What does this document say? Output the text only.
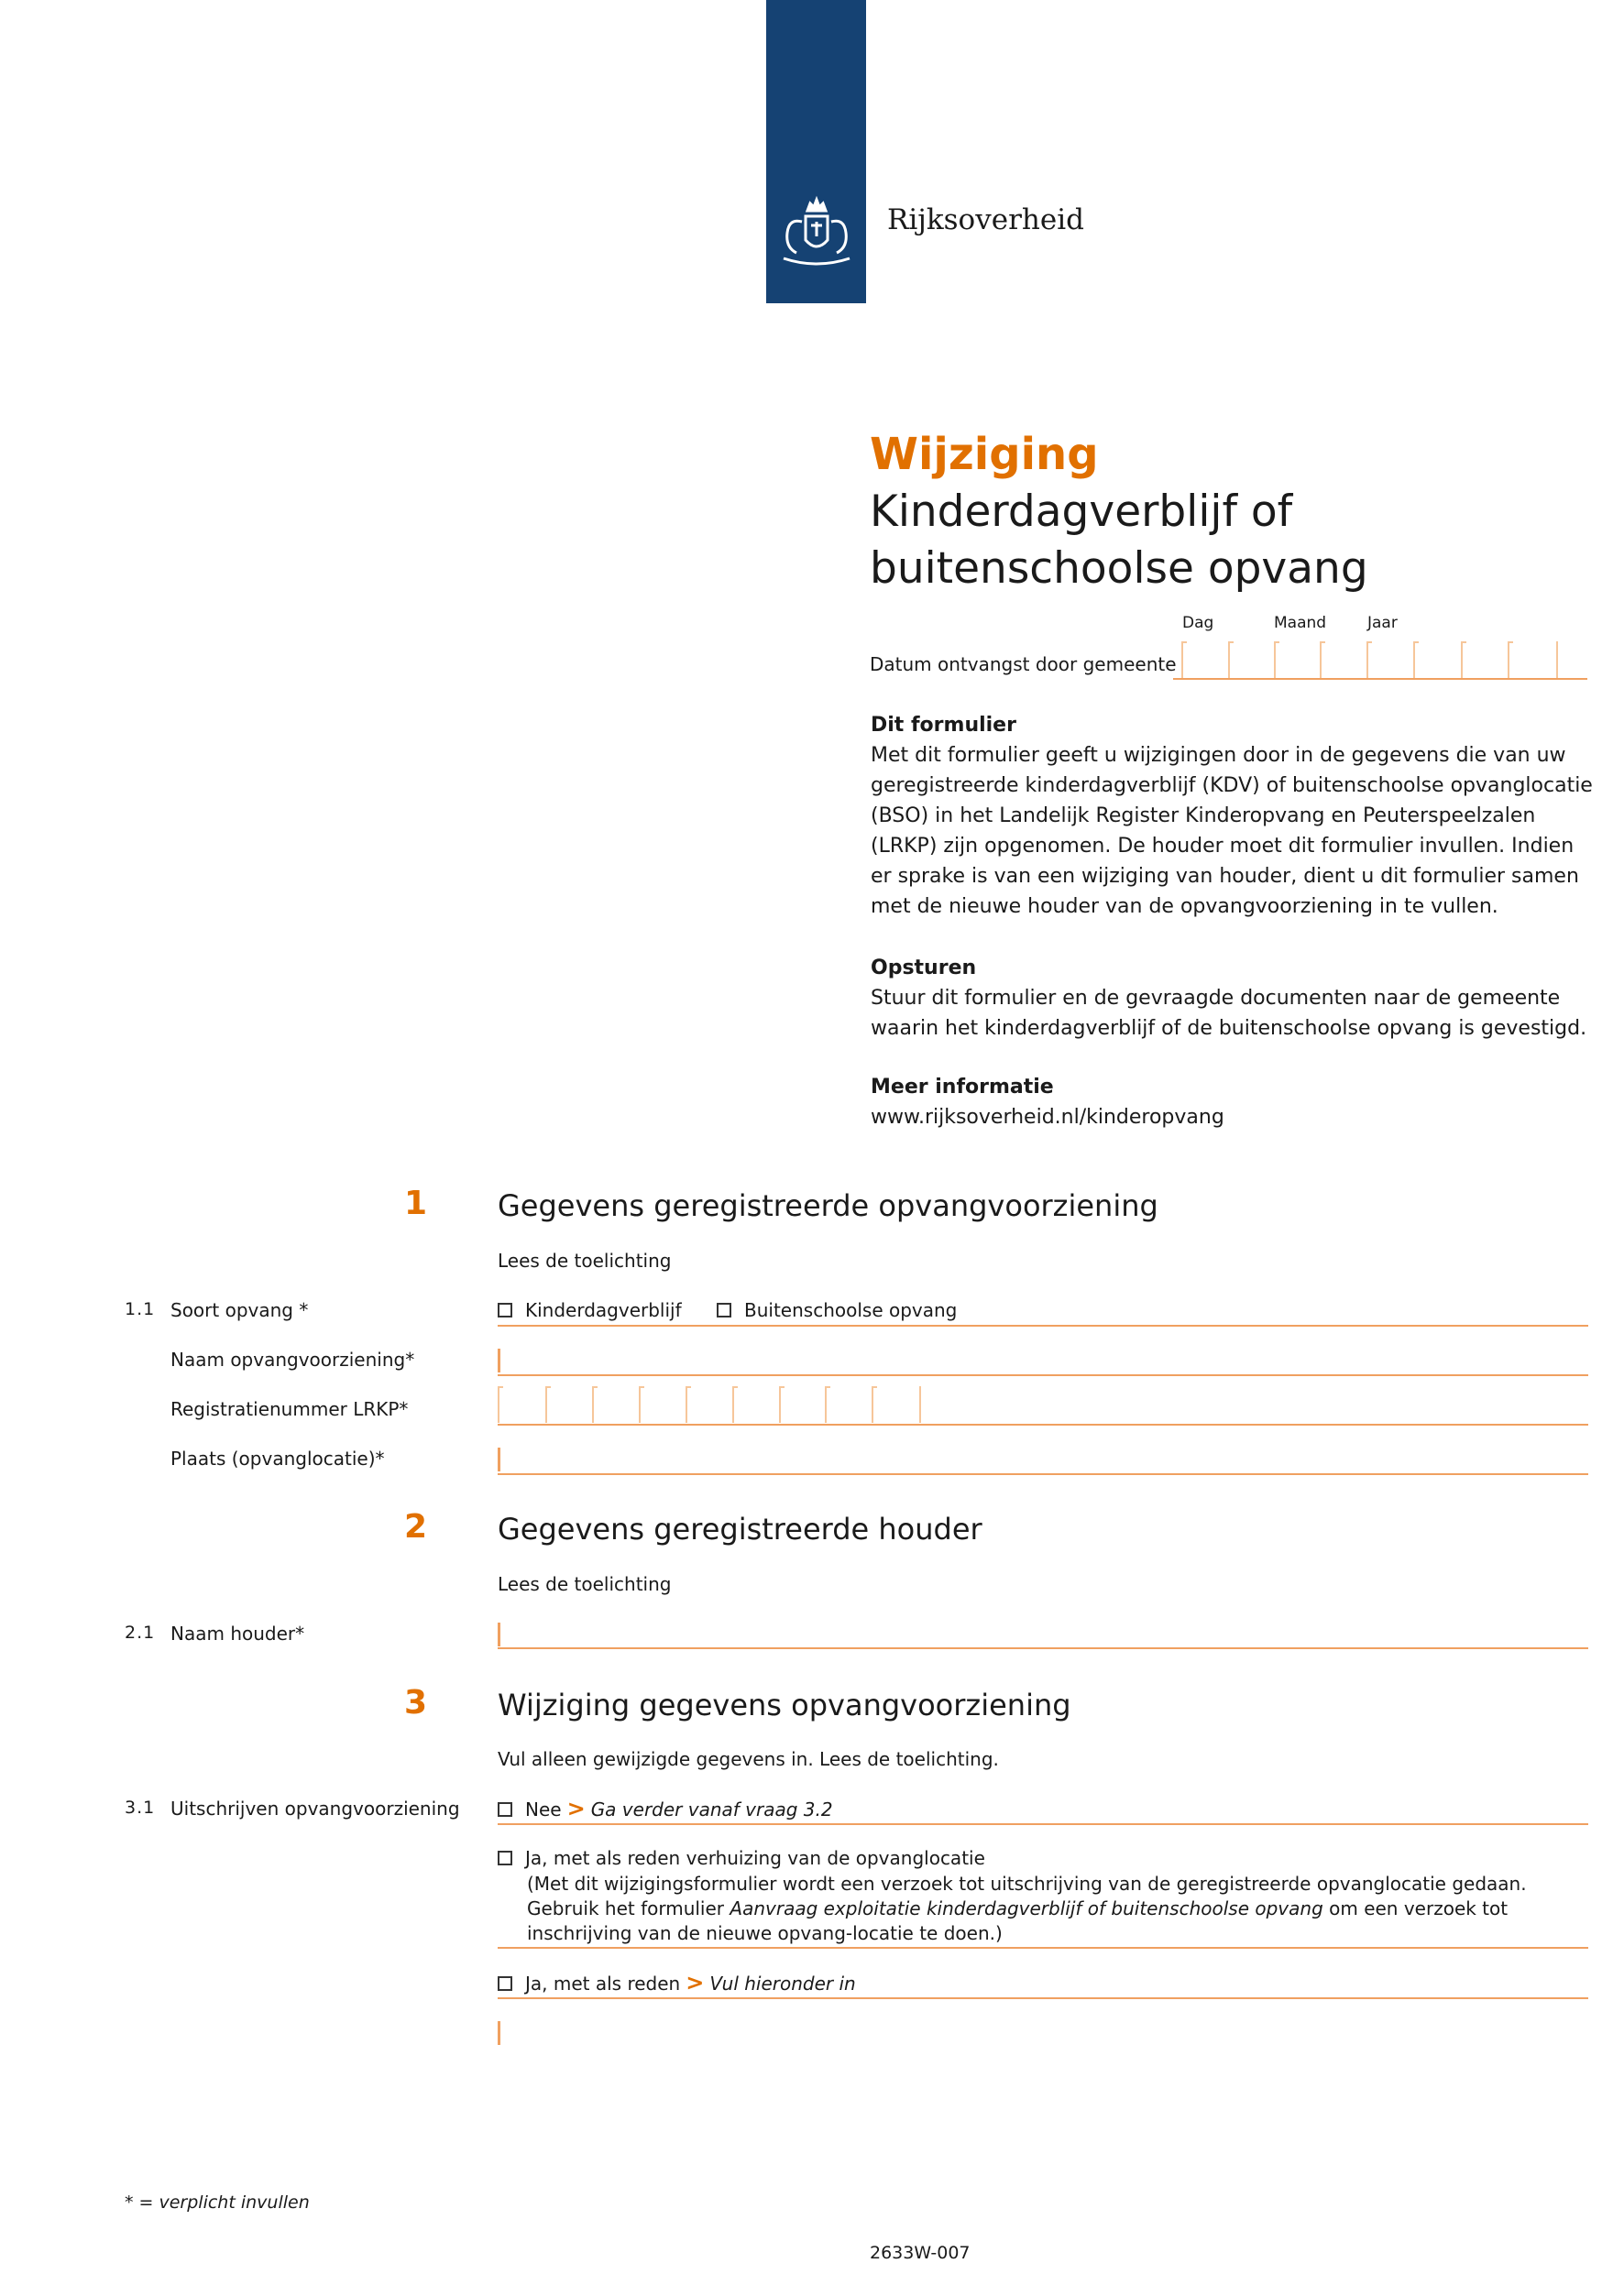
Rijksoverheid
Wijziging
Kinderdagverblijf of
buitenschoolse opvang
Dag	Maand	Jaar
Datum ontvangst door gemeente
Dit formulier
Met dit formulier geeft u wijzigingen door in de gegevens die van uw geregistreerde kinderdagverblijf (KDV) of buitenschoolse opvanglocatie (BSO) in het Landelijk Register Kinderopvang en Peuterspeelzalen (LRKP) zijn opgenomen. De houder moet dit formulier invullen. Indien er sprake is van een wijziging van houder, dient u dit formulier samen met de nieuwe houder van de opvangvoorziening in te vullen.
Opsturen
Stuur dit formulier en de gevraagde documenten naar de gemeente waarin het kinderdagverblijf of de buitenschoolse opvang is gevestigd.
Meer informatie
www.rijksoverheid.nl/kinderopvang
1 Gegevens geregistreerde opvangvoorziening
Lees de toelichting
1.1 Soort opvang *	Kinderdagverblijf	Buitenschoolse opvang
Naam opvangvoorziening*
Registratienummer LRKP*
Plaats (opvanglocatie)*
2 Gegevens geregistreerde houder
Lees de toelichting
2.1 Naam houder*
3 Wijziging gegevens opvangvoorziening
Vul alleen gewijzigde gegevens in. Lees de toelichting.
3.1 Uitschrijven opvangvoorziening	Nee > Ga verder vanaf vraag 3.2
Ja, met als reden verhuizing van de opvanglocatie
(Met dit wijzigingsformulier wordt een verzoek tot uitschrijving van de geregistreerde opvanglocatie gedaan. Gebruik het formulier Aanvraag exploitatie kinderdagverblijf of buitenschoolse opvang om een verzoek tot inschrijving van de nieuwe opvang-locatie te doen.)
Ja, met als reden > Vul hieronder in
* = verplicht invullen
2633W-007
